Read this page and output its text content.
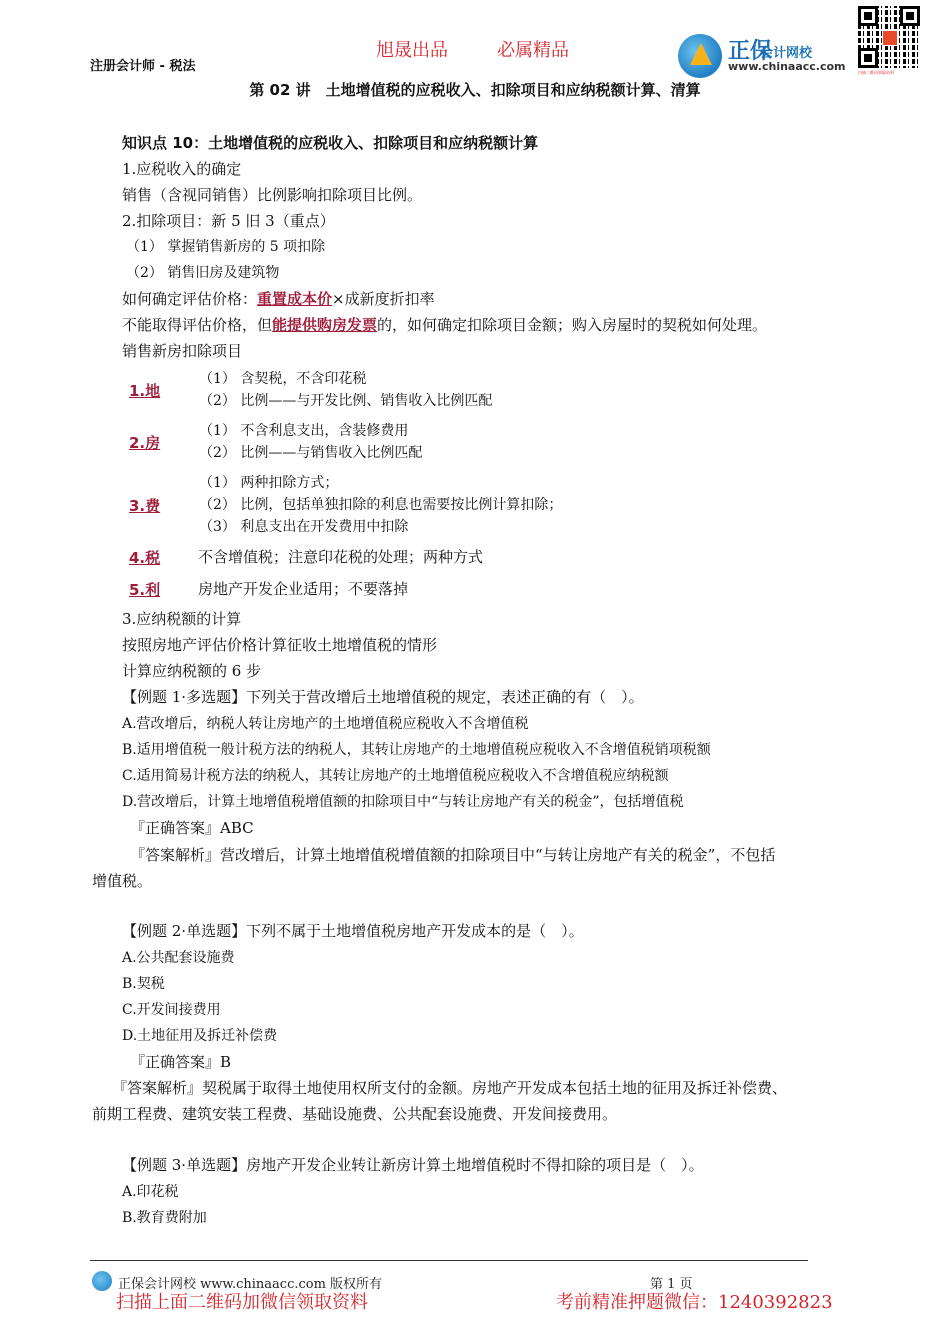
注册会计师 - 税法
旭晟出品	必属精品	正保
会计网校
www.chinaacc.com	扫描二维码领取资料
第 02 讲　土地增值税的应税收入、扣除项目和应纳税额计算、清算
知识点 10：土地增值税的应税收入、扣除项目和应纳税额计算
1.应税收入的确定
销售（含视同销售）比例影响扣除项目比例。
2.扣除项目：新 5 旧 3（重点）
（1） 掌握销售新房的 5 项扣除
（2） 销售旧房及建筑物
如何确定评估价格：重置成本价×成新度折扣率
不能取得评估价格，但能提供购房发票的，如何确定扣除项目金额；购入房屋时的契税如何处理。
销售新房扣除项目
1.地
（1） 含契税，不含印花税
（2） 比例——与开发比例、销售收入比例匹配
2.房
（1） 不含利息支出，含装修费用
（2） 比例——与销售收入比例匹配
3.费
（1） 两种扣除方式；
（2） 比例，包括单独扣除的利息也需要按比例计算扣除；
（3） 利息支出在开发费用中扣除
4.税	不含增值税；注意印花税的处理；两种方式
5.利	房地产开发企业适用；不要落掉
3.应纳税额的计算
按照房地产评估价格计算征收土地增值税的情形
计算应纳税额的 6 步
【例题 1·多选题】下列关于营改增后土地增值税的规定，表述正确的有（　）。
A.营改增后，纳税人转让房地产的土地增值税应税收入不含增值税
B.适用增值税一般计税方法的纳税人，其转让房地产的土地增值税应税收入不含增值税销项税额
C.适用简易计税方法的纳税人，其转让房地产的土地增值税应税收入不含增值税应纳税额
D.营改增后，计算土地增值税增值额的扣除项目中“与转让房地产有关的税金”，包括增值税
『正确答案』ABC
『答案解析』营改增后，计算土地增值税增值额的扣除项目中“与转让房地产有关的税金”，不包括
增值税。
【例题 2·单选题】下列不属于土地增值税房地产开发成本的是（　）。
A.公共配套设施费
B.契税
C.开发间接费用
D.土地征用及拆迁补偿费
『正确答案』B
『答案解析』契税属于取得土地使用权所支付的金额。房地产开发成本包括土地的征用及拆迁补偿费、
前期工程费、建筑安装工程费、基础设施费、公共配套设施费、开发间接费用。
【例题 3·单选题】房地产开发企业转让新房计算土地增值税时不得扣除的项目是（　）。
A.印花税
B.教育费附加
正保会计网校 www.chinaacc.com 版权所有	第 1 页
扫描上面二维码加微信领取资料	考前精准押题微信：1240392823
